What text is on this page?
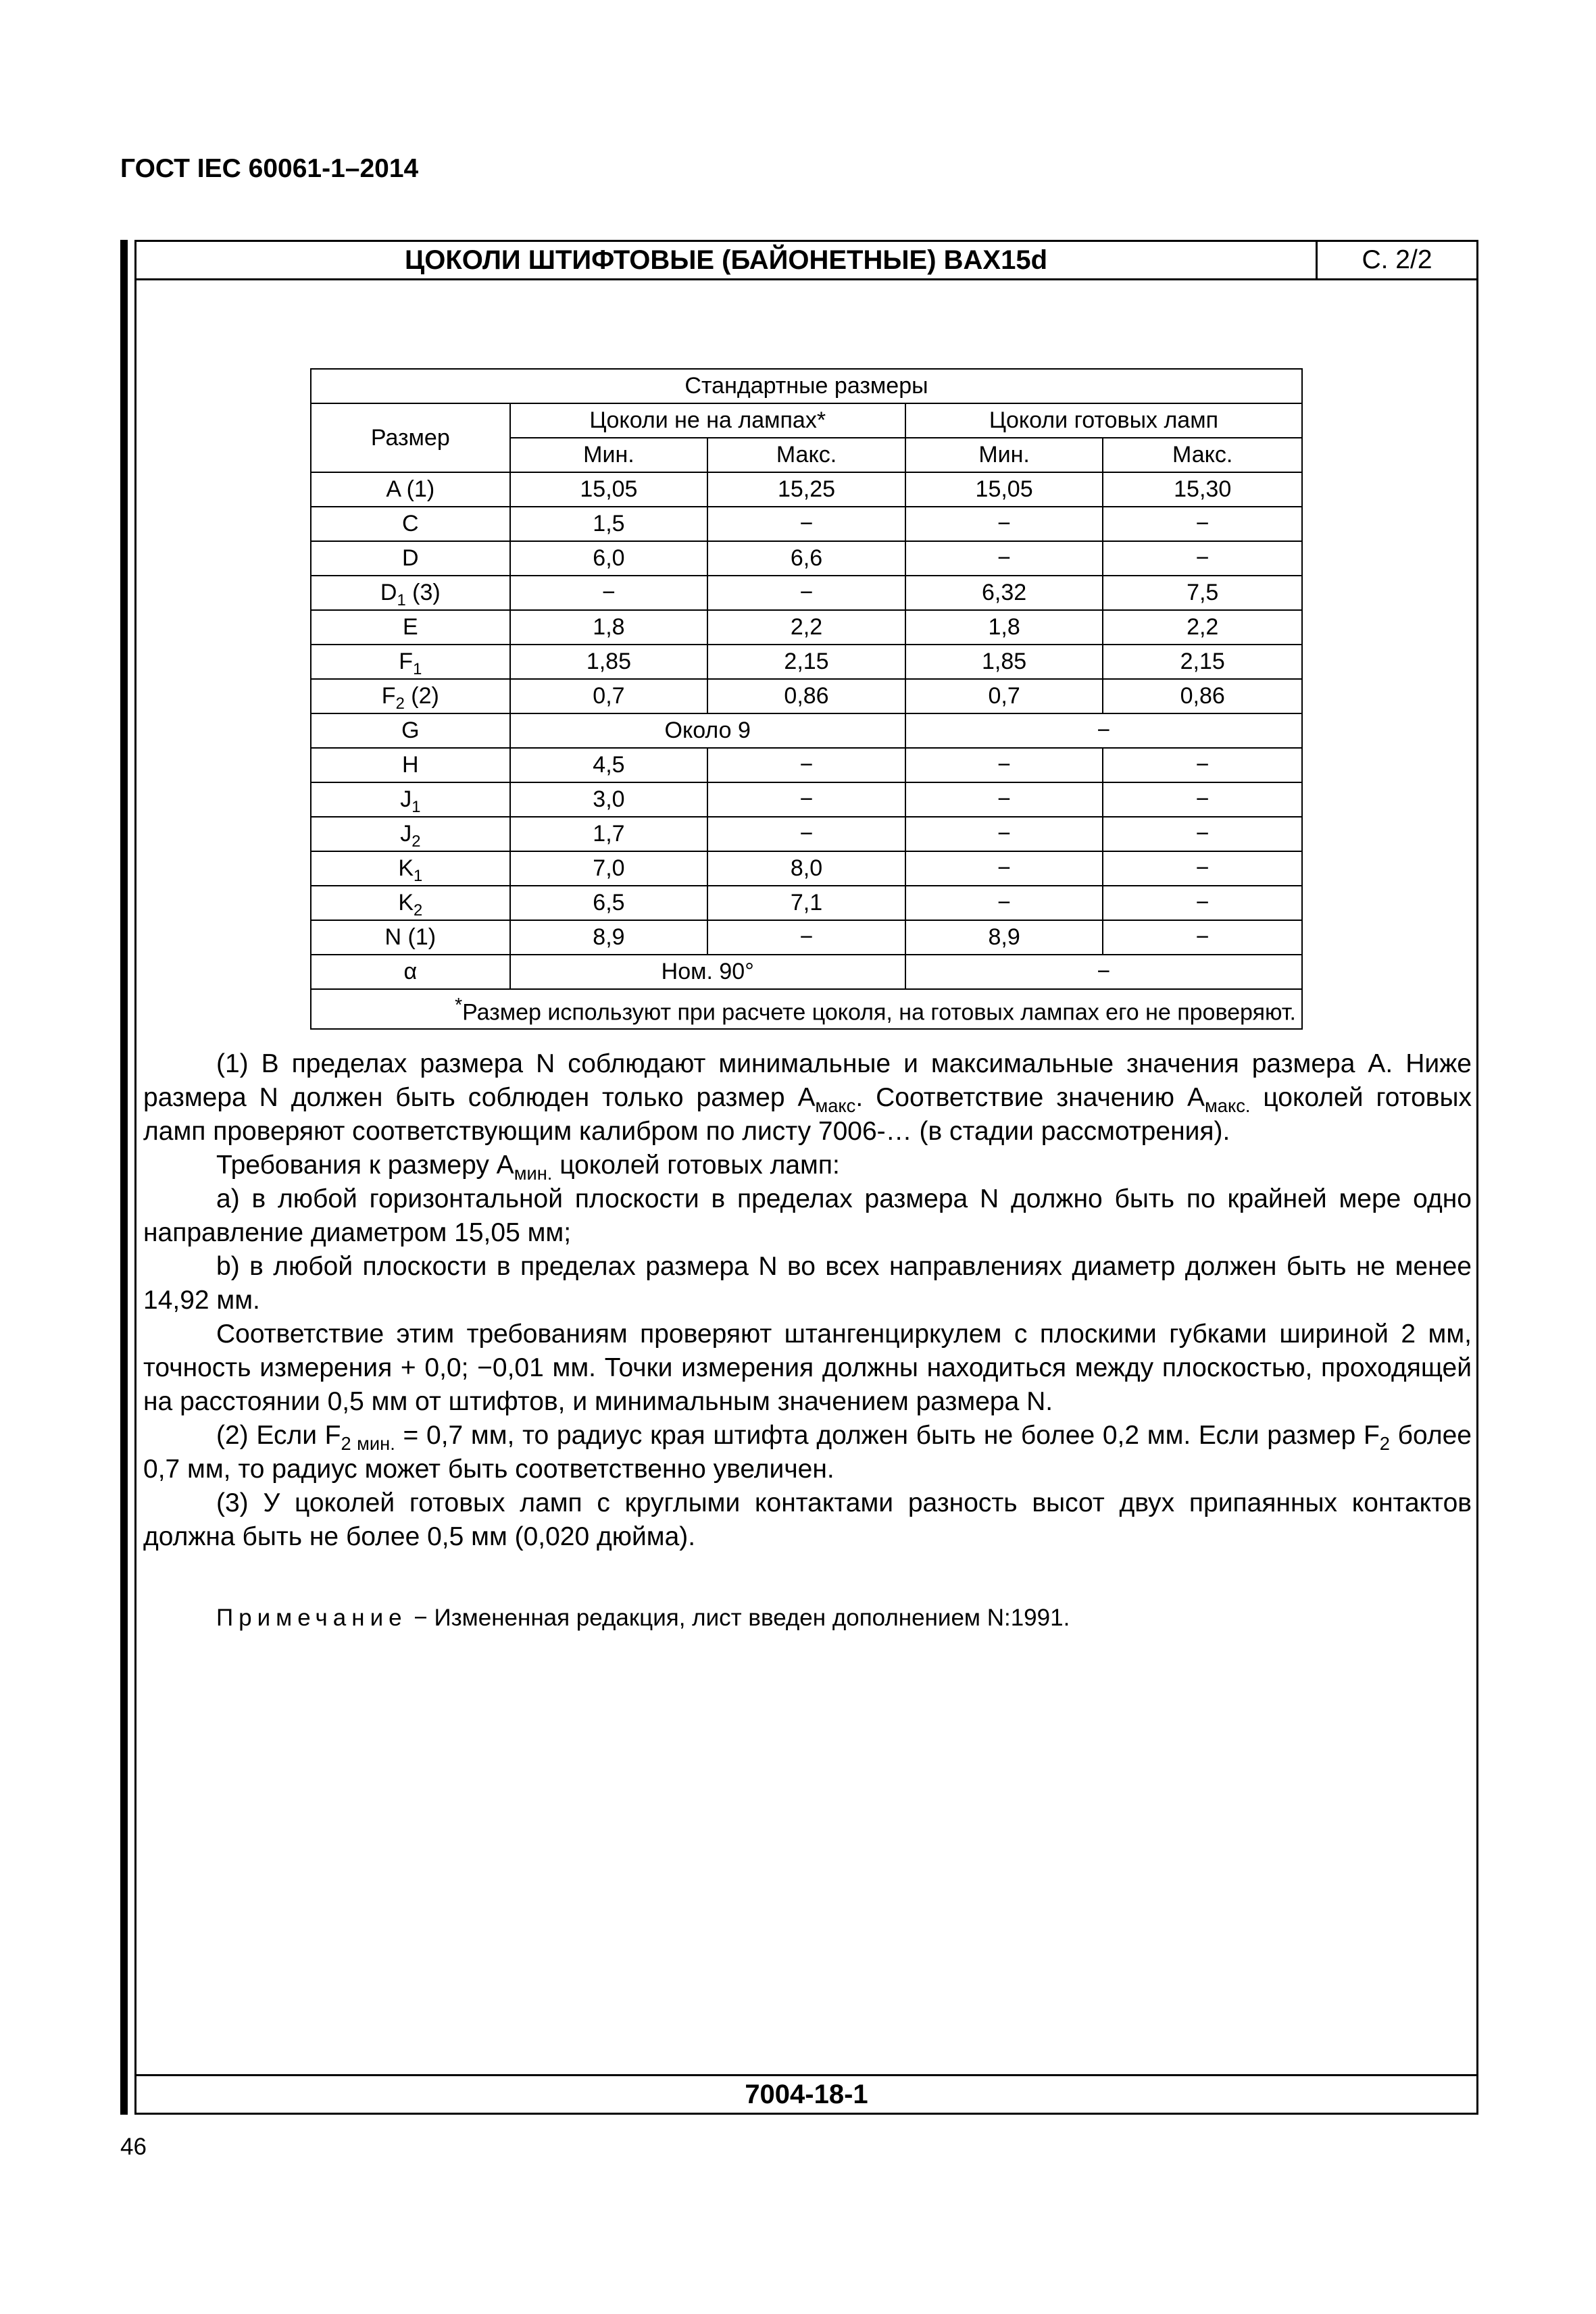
ГОСТ IEC 60061-1–2014
ЦОКОЛИ ШТИФТОВЫЕ (БАЙОНЕТНЫЕ) BAX15d	С. 2/2
7004-18-1
Стандартные размеры				
Размер	Цоколи не на лампах*		Цоколи готовых ламп	
	Мин.	Макс.	Мин.	Макс.
A (1)	15,05	15,25	15,05	15,30
C	1,5	−	−	−
D	6,0	6,6	−	−
$D_1$ (3)	−	−	6,32	7,5
E	1,8	2,2	1,8	2,2
$F_1$	1,85	2,15	1,85	2,15
$F_2$ (2)	0,7	0,86	0,7	0,86
G	Около 9		−	
H	4,5	−	−	−
$J_1$	3,0	−	−	−
$J_2$	1,7	−	−	−
$K_1$	7,0	8,0	−	−
$K_2$	6,5	7,1	−	−
N (1)	8,9	−	8,9	−
α	Ном. 90°		−	
*Размер используют при расчете цоколя, на готовых лампах его не проверяют.				

(1) В пределах размера N соблюдают минимальные и максимальные значения размера A. Ниже размера N должен быть соблюден только размер $A_{макс}$. Соответствие значению $A_{макс.}$ цоколей готовых ламп проверяют соответствующим калибром по листу 7006-… (в стадии рассмотрения).

Требования к размеру $A_{мин.}$ цоколей готовых ламп:

a) в любой горизонтальной плоскости в пределах размера N должно быть по крайней мере одно направление диаметром 15,05 мм;

b) в любой плоскости в пределах размера N во всех направлениях диаметр должен быть не менее 14,92 мм.

Соответствие этим требованиям проверяют штангенциркулем с плоскими губками шириной 2 мм, точность измерения + 0,0; −0,01 мм. Точки измерения должны находиться между плоскостью, проходящей на расстоянии 0,5 мм от штифтов, и минимальным значением размера N.

(2) Если $F_{2 мин.} = 0,7$ мм, то радиус края штифта должен быть не более 0,2 мм. Если размер $F_2$ более 0,7 мм, то радиус может быть соответственно увеличен.

(3) У цоколей готовых ламп с круглыми контактами разность высот двух припаянных контактов должна быть не более 0,5 мм (0,020 дюйма).

Примечание − Измененная редакция, лист введен дополнением N:1991.
46
